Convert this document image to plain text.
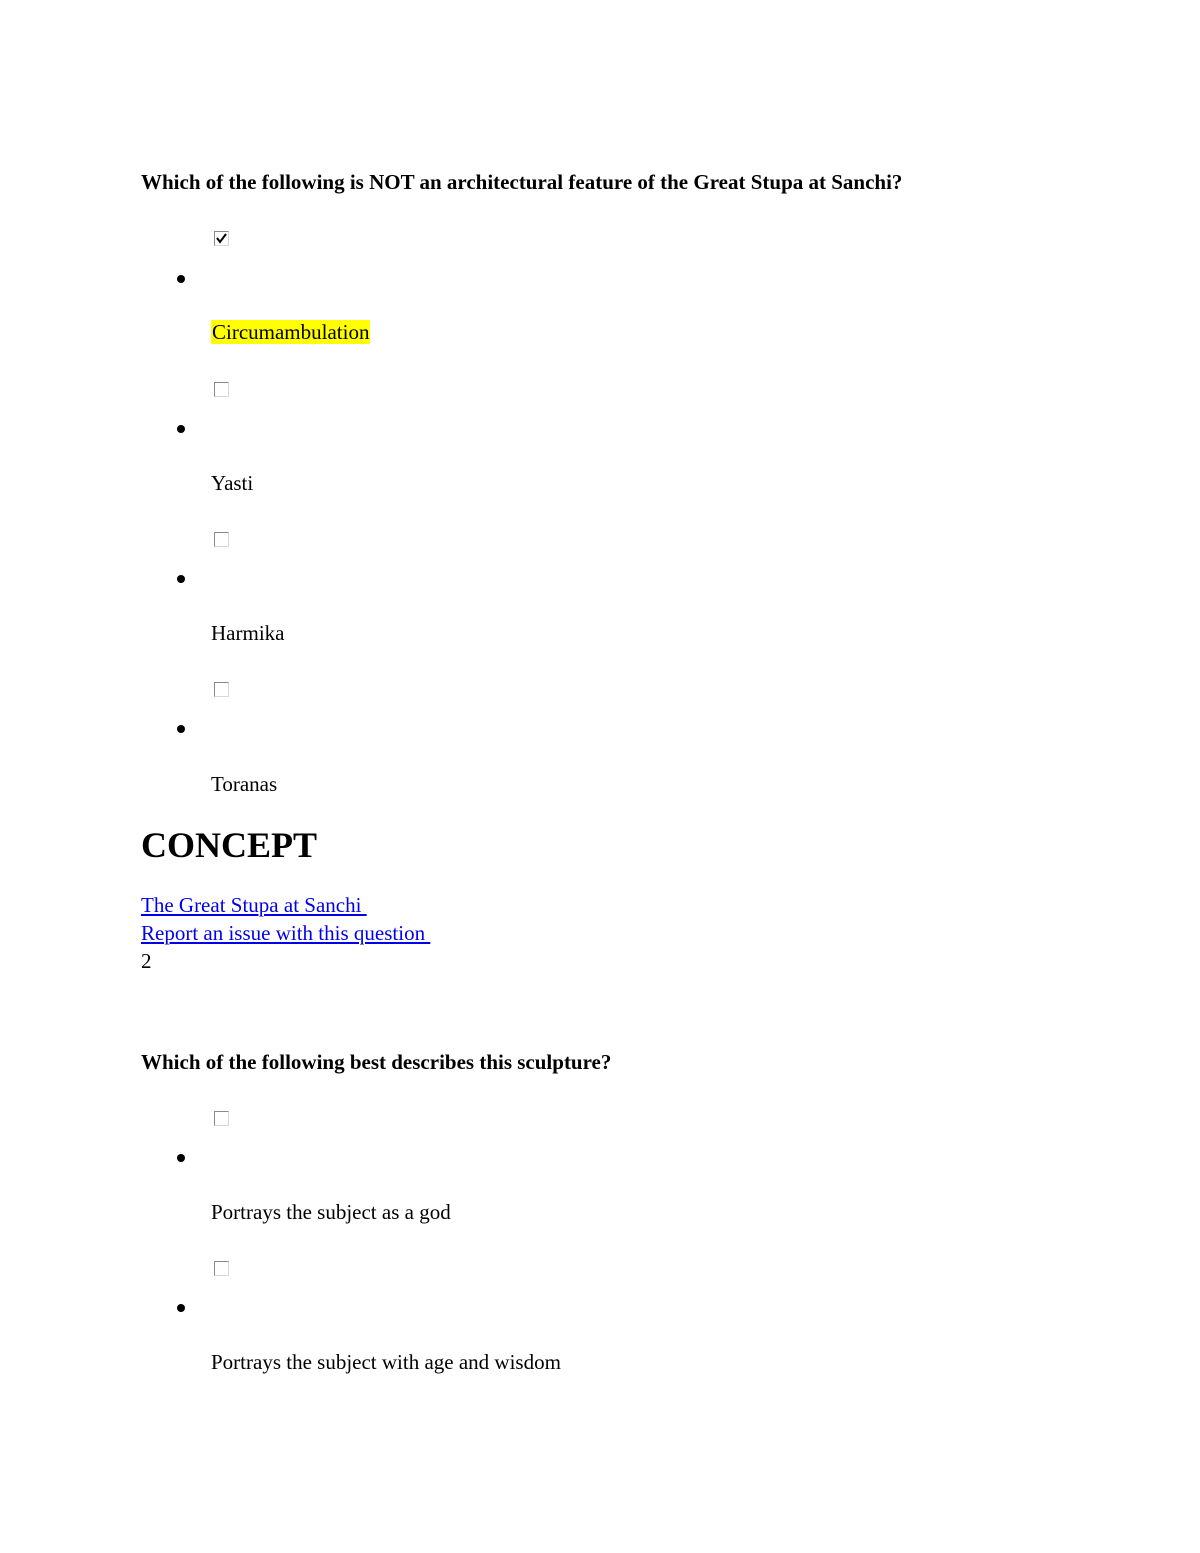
Which of the following is NOT an architectural feature of the Great Stupa at Sanchi?
Circumambulation
Yasti
Harmika
Toranas
CONCEPT
The Great Stupa at Sanchi
Report an issue with this question
2
Which of the following best describes this sculpture?
Portrays the subject as a god
Portrays the subject with age and wisdom
